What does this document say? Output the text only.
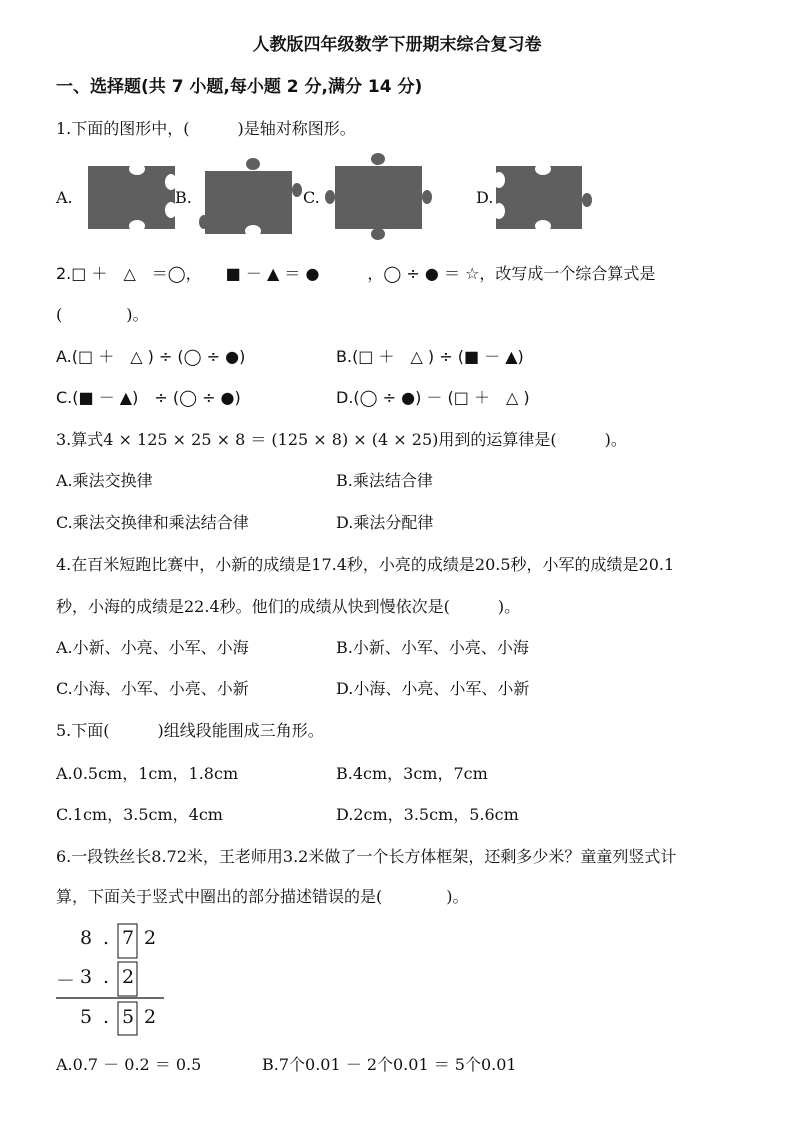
人教版四年级数学下册期末综合复习卷
一、选择题(共 7 小题,每小题 2 分,满分 14 分)
1.下面的图形中，(　　　)是轴对称图形。
A.	B.	C.	D.
2.□ ＋　△　＝◯，　　■ － ▲ ＝ ●　　　，◯ ÷ ● ＝ ☆，改写成一个综合算式是
(　　　　)。
A.(□ ＋　△ ) ÷ (◯ ÷ ●)	B.(□ ＋　△ ) ÷ (■ － ▲)
C.(■ － ▲)　÷ (◯ ÷ ●)	D.(◯ ÷ ●) － (□ ＋　△ )
3.算式4 × 125 × 25 × 8 ＝ (125 × 8) × (4 × 25)用到的运算律是(　　　)。
A.乘法交换律	B.乘法结合律
C.乘法交换律和乘法结合律	D.乘法分配律
4.在百米短跑比赛中，小新的成绩是17.4秒，小亮的成绩是20.5秒，小军的成绩是20.1
秒，小海的成绩是22.4秒。他们的成绩从快到慢依次是(　　　)。
A.小新、小亮、小军、小海	B.小新、小军、小亮、小海
C.小海、小军、小亮、小新	D.小海、小亮、小军、小新
5.下面(　　　)组线段能围成三角形。
A.0.5cm，1cm，1.8cm	B.4cm，3cm，7cm
C.1cm，3.5cm，4cm	D.2cm，3.5cm，5.6cm
6.一段铁丝长8.72米，王老师用3.2米做了一个长方体框架，还剩多少米？童童列竖式计
算，下面关于竖式中圈出的部分描述错误的是(　　　　)。
8 . 7 2
－ 3 . 2
5 . 5 2
A.0.7 － 0.2 ＝ 0.5	B.7个0.01 － 2个0.01 ＝ 5个0.01
